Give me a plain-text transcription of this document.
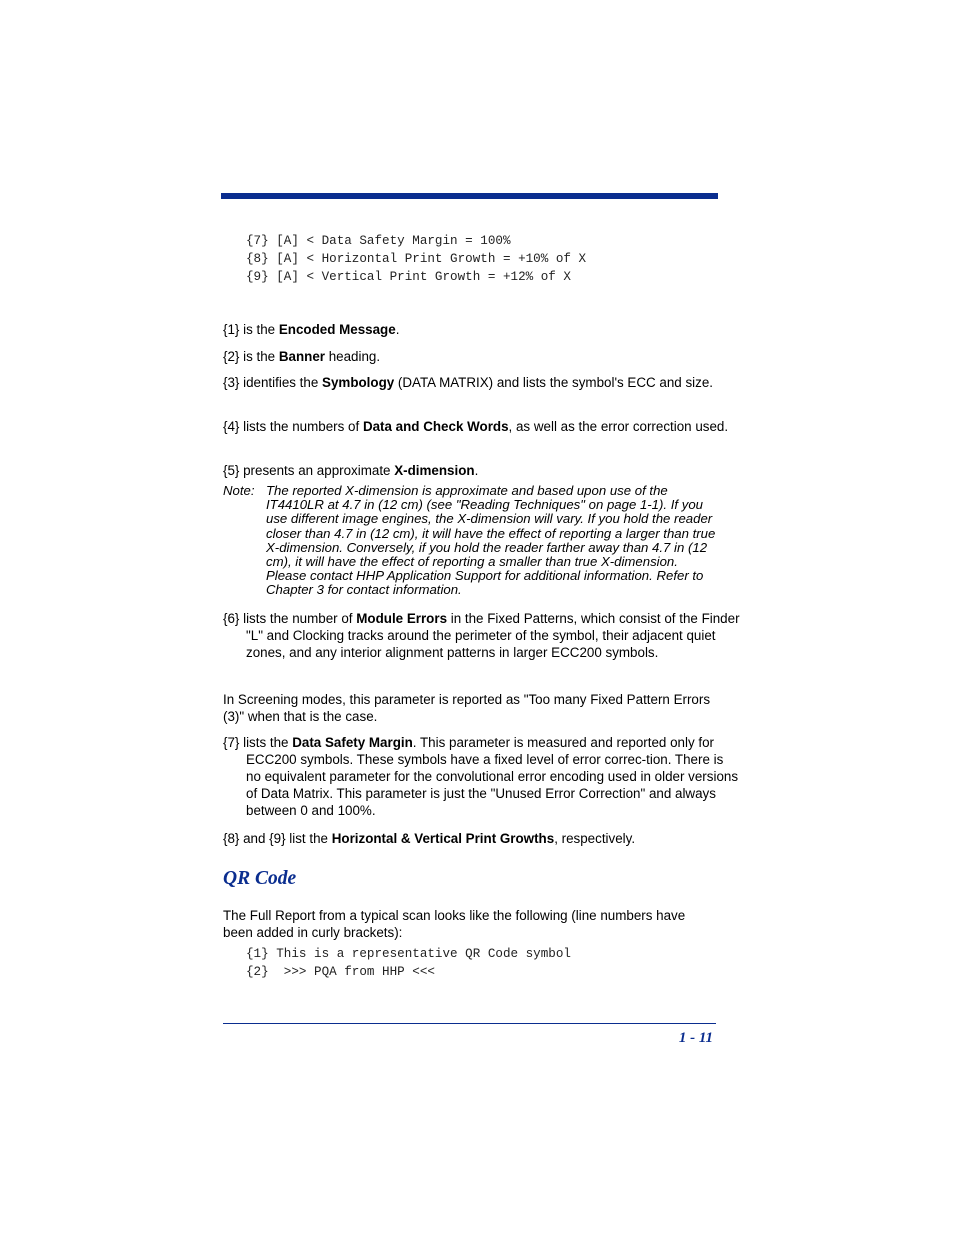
{7} [A] < Data Safety Margin = 100%
{8} [A] < Horizontal Print Growth = +10% of X
{9} [A] < Vertical Print Growth = +12% of X
{1} is the Encoded Message.
{2} is the Banner heading.
{3} identifies the Symbology (DATA MATRIX) and lists the symbol's ECC and size.
{4} lists the numbers of Data and Check Words, as well as the error correction used.
{5} presents an approximate X-dimension.
Note: The reported X-dimension is approximate and based upon use of the IT4410LR at 4.7 in (12 cm) (see "Reading Techniques" on page 1-1). If you use different image engines, the X-dimension will vary. If you hold the reader closer than 4.7 in (12 cm), it will have the effect of reporting a larger than true X-dimension. Conversely, if you hold the reader farther away than 4.7 in (12 cm), it will have the effect of reporting a smaller than true X-dimension. Please contact HHP Application Support for additional information. Refer to Chapter 3 for contact information.
{6} lists the number of Module Errors in the Fixed Patterns, which consist of the Finder "L" and Clocking tracks around the perimeter of the symbol, their adjacent quiet zones, and any interior alignment patterns in larger ECC200 symbols.
In Screening modes, this parameter is reported as "Too many Fixed Pattern Errors (3)" when that is the case.
{7} lists the Data Safety Margin. This parameter is measured and reported only for ECC200 symbols. These symbols have a fixed level of error correc-tion. There is no equivalent parameter for the convolutional error encoding used in older versions of Data Matrix. This parameter is just the "Unused Error Correction" and always between 0 and 100%.
{8} and {9} list the Horizontal & Vertical Print Growths, respectively.
QR Code
The Full Report from a typical scan looks like the following (line numbers have been added in curly brackets):
{1} This is a representative QR Code symbol
{2}  >>> PQA from HHP <<<
1 - 11
